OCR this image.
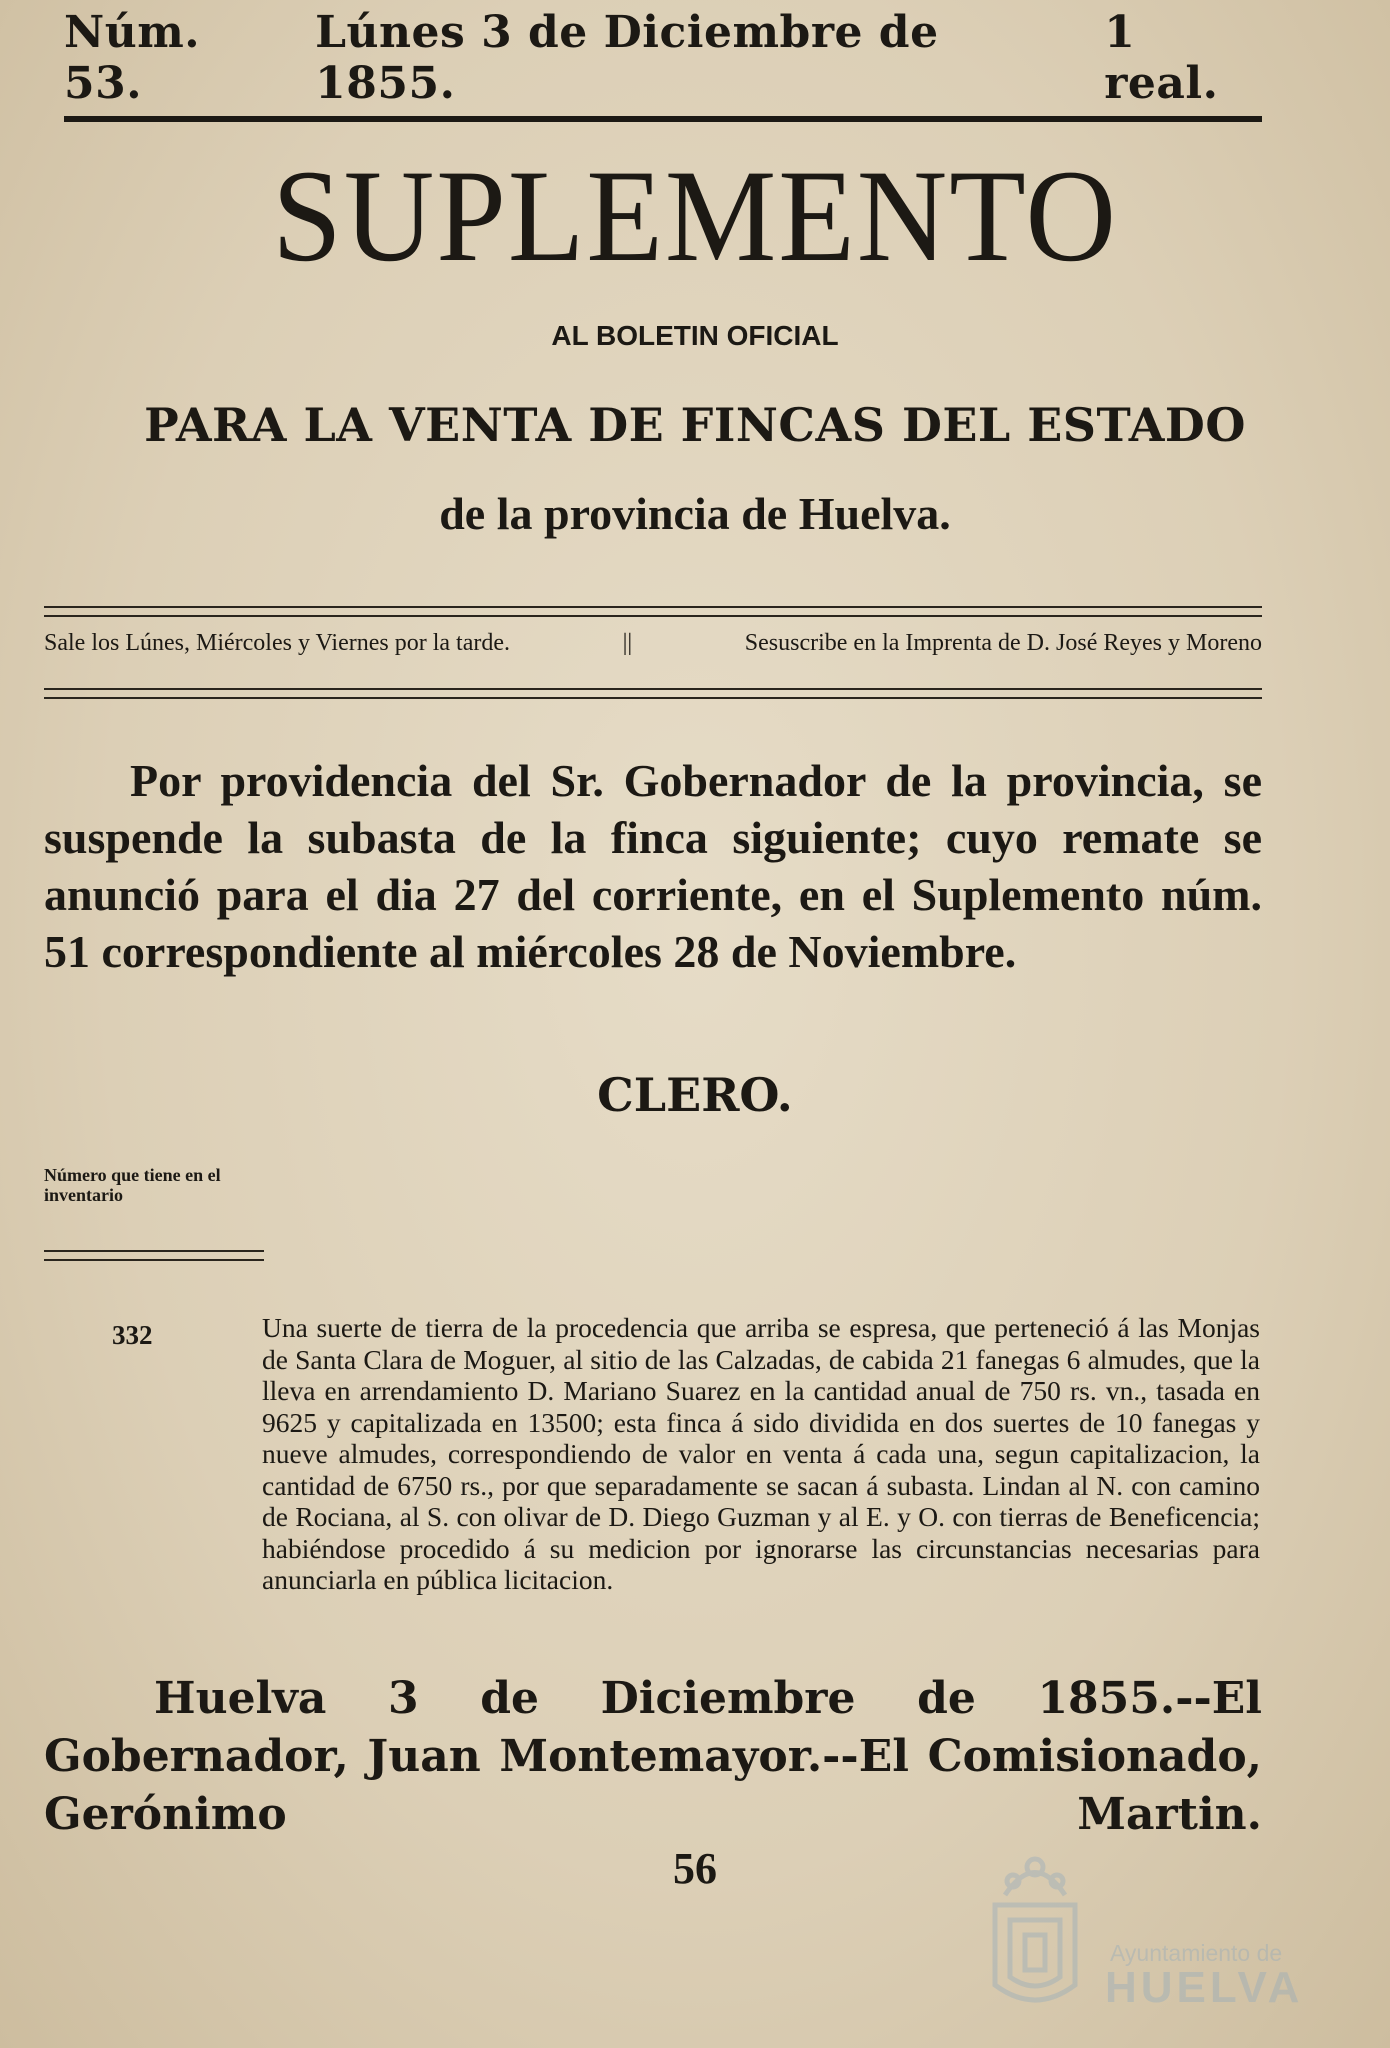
Núm. 53.
Lúnes 3 de Diciembre de 1855.
1 real.
SUPLEMENTO
AL BOLETIN OFICIAL
PARA LA VENTA DE FINCAS DEL ESTADO
de la provincia de Huelva.
Sale los Lúnes, Miércoles y Viernes por la tarde.	||	Sesuscribe en la Imprenta de D. José Reyes y Moreno
Por providencia del Sr. Gobernador de la provincia, se suspende la subasta de la finca siguiente; cuyo remate se anunció para el dia 27 del corriente, en el Suplemento núm. 51 correspondiente al miércoles 28 de Noviembre.
CLERO.
Número que tiene en el inventario
332	Una suerte de tierra de la procedencia que arriba se espresa, que perteneció á las Monjas de Santa Clara de Moguer, al sitio de las Calzadas, de cabida 21 fanegas 6 almudes, que la lleva en arrendamiento D. Mariano Suarez en la cantidad anual de 750 rs. vn., tasada en 9625 y capitalizada en 13500; esta finca á sido dividida en dos suertes de 10 fanegas y nueve almudes, correspondiendo de valor en venta á cada una, segun capitalizacion, la cantidad de 6750 rs., por que separadamente se sacan á subasta. Lindan al N. con camino de Rociana, al S. con olivar de D. Diego Guzman y al E. y O. con tierras de Beneficencia; habiéndose procedido á su medicion por ignorarse las circunstancias necesarias para anunciarla en pública licitacion.
Huelva 3 de Diciembre de 1855.--El Gobernador, Juan Montemayor.--El Comisionado, Gerónimo Martin.
56
Ayuntamiento de
HUELVA
